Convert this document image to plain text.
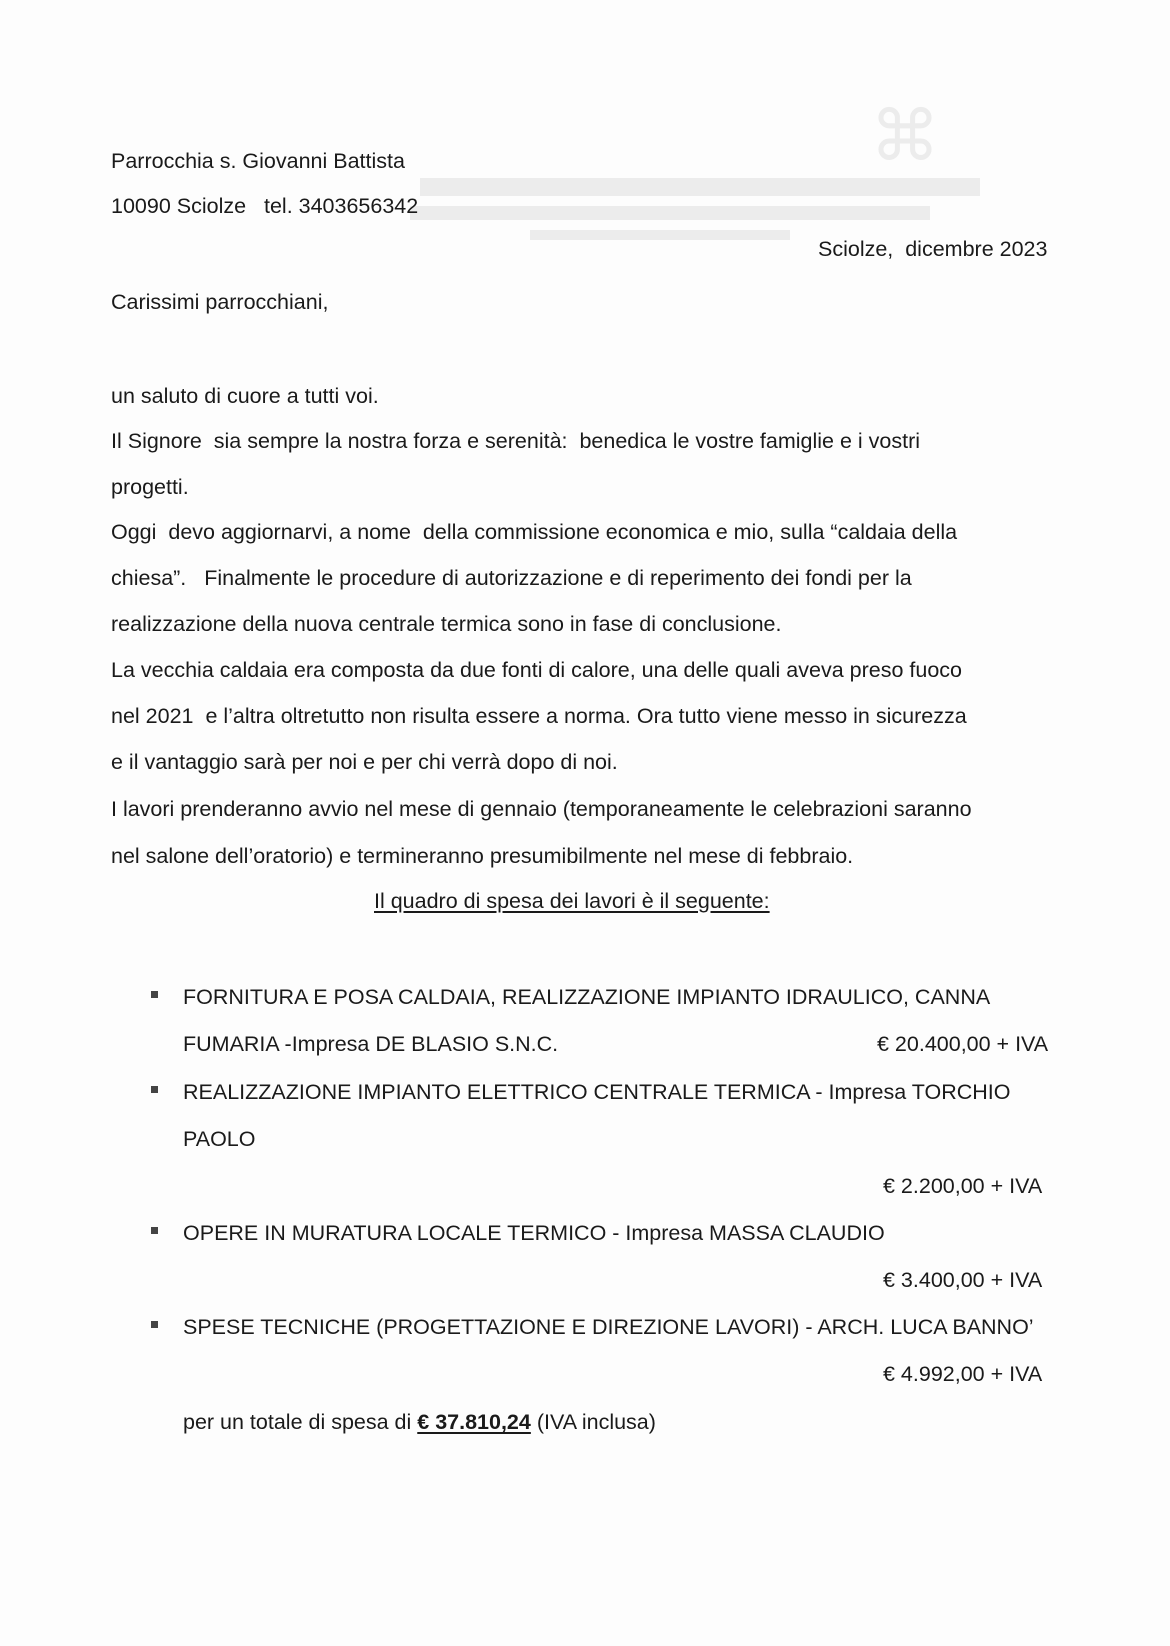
⌘
Parrocchia s. Giovanni Battista
10090 Sciolze   tel. 3403656342
Sciolze,  dicembre 2023
Carissimi parrocchiani,
un saluto di cuore a tutti voi.
Il Signore  sia sempre la nostra forza e serenità:  benedica le vostre famiglie e i vostri
progetti.
Oggi  devo aggiornarvi, a nome  della commissione economica e mio, sulla “caldaia della
chiesa”.   Finalmente le procedure di autorizzazione e di reperimento dei fondi per la
realizzazione della nuova centrale termica sono in fase di conclusione.
La vecchia caldaia era composta da due fonti di calore, una delle quali aveva preso fuoco
nel 2021  e l’altra oltretutto non risulta essere a norma. Ora tutto viene messo in sicurezza
e il vantaggio sarà per noi e per chi verrà dopo di noi.
I lavori prenderanno avvio nel mese di gennaio (temporaneamente le celebrazioni saranno
nel salone dell’oratorio) e termineranno presumibilmente nel mese di febbraio.
Il quadro di spesa dei lavori è il seguente:
FORNITURA E POSA CALDAIA, REALIZZAZIONE IMPIANTO IDRAULICO, CANNA
FUMARIA -Impresa DE BLASIO S.N.C.	€ 20.400,00 + IVA
REALIZZAZIONE IMPIANTO ELETTRICO CENTRALE TERMICA - Impresa TORCHIO
PAOLO
€ 2.200,00 + IVA
OPERE IN MURATURA LOCALE TERMICO - Impresa MASSA CLAUDIO
€ 3.400,00 + IVA
SPESE TECNICHE (PROGETTAZIONE E DIREZIONE LAVORI) - ARCH. LUCA BANNO’
€ 4.992,00 + IVA
per un totale di spesa di € 37.810,24 (IVA inclusa)
